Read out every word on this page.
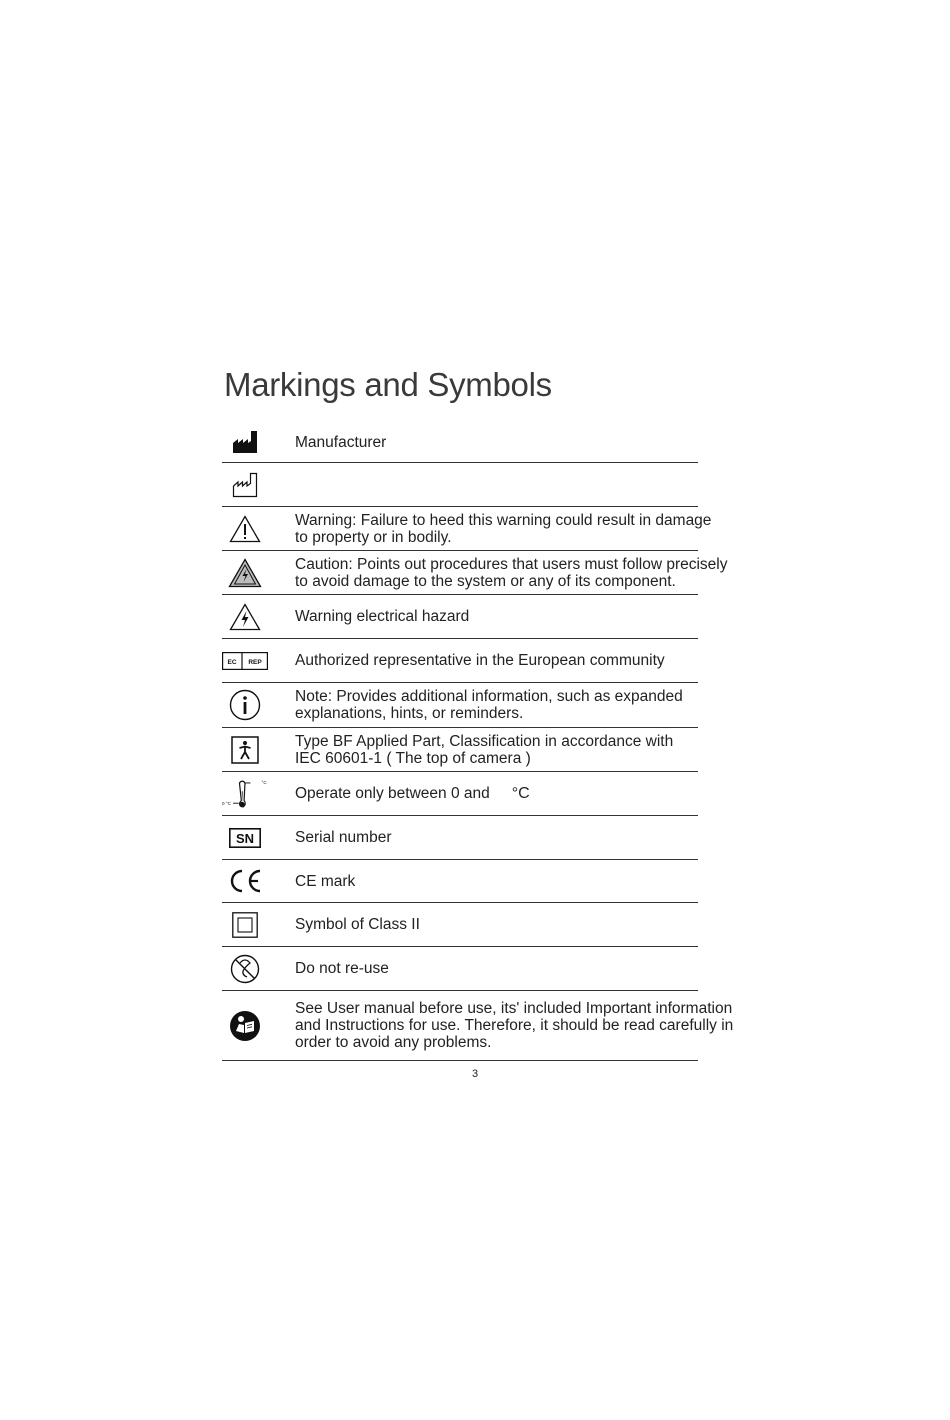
Markings and Symbols
Manufacturer
Warning: Failure to heed this warning could result in damage
to property or in bodily.
Caution: Points out procedures that users must follow precisely
to avoid damage to the system or any of its component.
Warning electrical hazard
EC REP Authorized representative in the European community
Note: Provides additional information, such as expanded
explanations, hints, or reminders.
Type BF Applied Part, Classification in accordance with
IEC 60601-1 ( The top of camera )
0 °C
°C
Operate only between 0 and °C
SN	Serial number
CE mark
Symbol of Class II
Do not re-use
See User manual before use, its' included Important information
and Instructions for use. Therefore, it should be read carefully in
order to avoid any problems.
3
